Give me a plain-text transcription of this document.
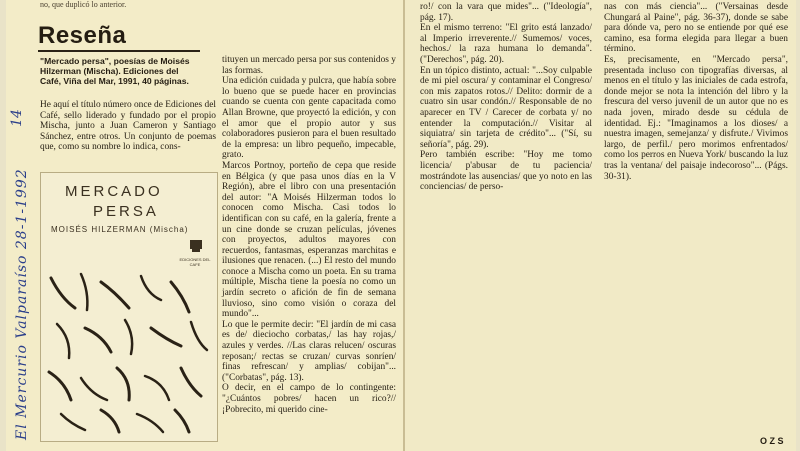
no, que duplicó lo anterior.
Reseña
"Mercado persa", poesías de Moisés Hilzerman (Mischa). Ediciones del Café, Viña del Mar, 1991, 40 páginas.
He aquí el título número once de Ediciones del Café, sello liderado y fundado por el propio Mischa, junto a Juan Cameron y Santiago Sánchez, entre otros. Un conjunto de poemas que, como su nombre lo indica, cons-
El Mercurio Valparaíso 28-1-1992
14
MERCADO
PERSA
MOISÉS HILZERMAN (Mischa)
EDICIONES DEL CAFE
tituyen un mercado persa por sus contenidos y las formas.
Una edición cuidada y pulcra, que había sobre lo bueno que se puede hacer en provincias cuando se cuenta con gente capacitada como Allan Browne, que proyectó la edición, y con el amor que el propio autor y sus colaboradores pusieron para el buen resultado de la empresa: un libro pequeño, impecable, grato.
Marcos Portnoy, porteño de cepa que reside en Bélgica (y que pasa unos días en la V Región), abre el libro con una presentación del autor: "A Moisés Hilzerman todos lo conocen como Mischa. Casi todos lo identifican con su café, en la galería, frente a un cine donde se cruzan películas, jóvenes con proyectos, adultos mayores con recuerdos, fantasmas, esperanzas marchitas e ilusiones que renacen. (...) El resto del mundo conoce a Mischa como un poeta. En su trama múltiple, Mischa tiene la poesía no como un jardín secreto o afición de fin de semana lluvioso, sino como visión o coraza del mundo"...
Lo que le permite decir: "El jardín de mi casa es de/ dieciocho corbatas,/ las hay rojas,/ azules y verdes. //Las claras relucen/ oscuras reposan;/ rectas se cruzan/ curvas sonríen/ finas refrescan/ y amplias/ cobijan"... ("Corbatas", pág. 13).
O decir, en el campo de lo contingente: "¿Cuántos pobres/ hacen un rico?// ¡Pobrecito, mi querido cine-
ro!/ con la vara que mides"... ("Ideología", pág. 17).
En el mismo terreno: "El grito está lanzado/ al Imperio irreverente.// Sumemos/ voces, hechos./ la raza humana lo demanda". ("Derechos", pág. 20).
En un tópico distinto, actual: "...Soy culpable de mi piel oscura/ y contaminar el Congreso/ con mis zapatos rotos.// Delito: dormir de a cuatro sin usar condón.// Responsable de no aparecer en TV / Carecer de corbata y/ no entender la computación.// Visitar al siquiatra/ sin tarjeta de crédito"... ("Sí, su señoría", pág. 29).
Pero también escribe: "Hoy me tomo licencia/ p'abusar de tu paciencia/ mostrándote las ausencias/ que yo noto en las conciencias/ de perso-
nas con más ciencia"... ("Versainas desde Chungará al Paine", pág. 36-37), donde se sabe para dónde va, pero no se entiende por qué ese camino, esa forma elegida para llegar a buen término.
Es, precisamente, en "Mercado persa", presentada incluso con tipografías diversas, al menos en el título y las iniciales de cada estrofa, donde mejor se nota la intención del libro y la frescura del verso juvenil de un autor que no es nada joven, mirado desde su cédula de identidad. Ej.: "Imaginamos a los dioses/ a nuestra imagen, semejanza/ y disfrute./ Vivimos largo, de perfil./ pero morimos enfrentados/ como los perros en Nueva York/ buscando la luz tras la ventana/ del paisaje indecoroso"... (Págs. 30-31).
O Z S
